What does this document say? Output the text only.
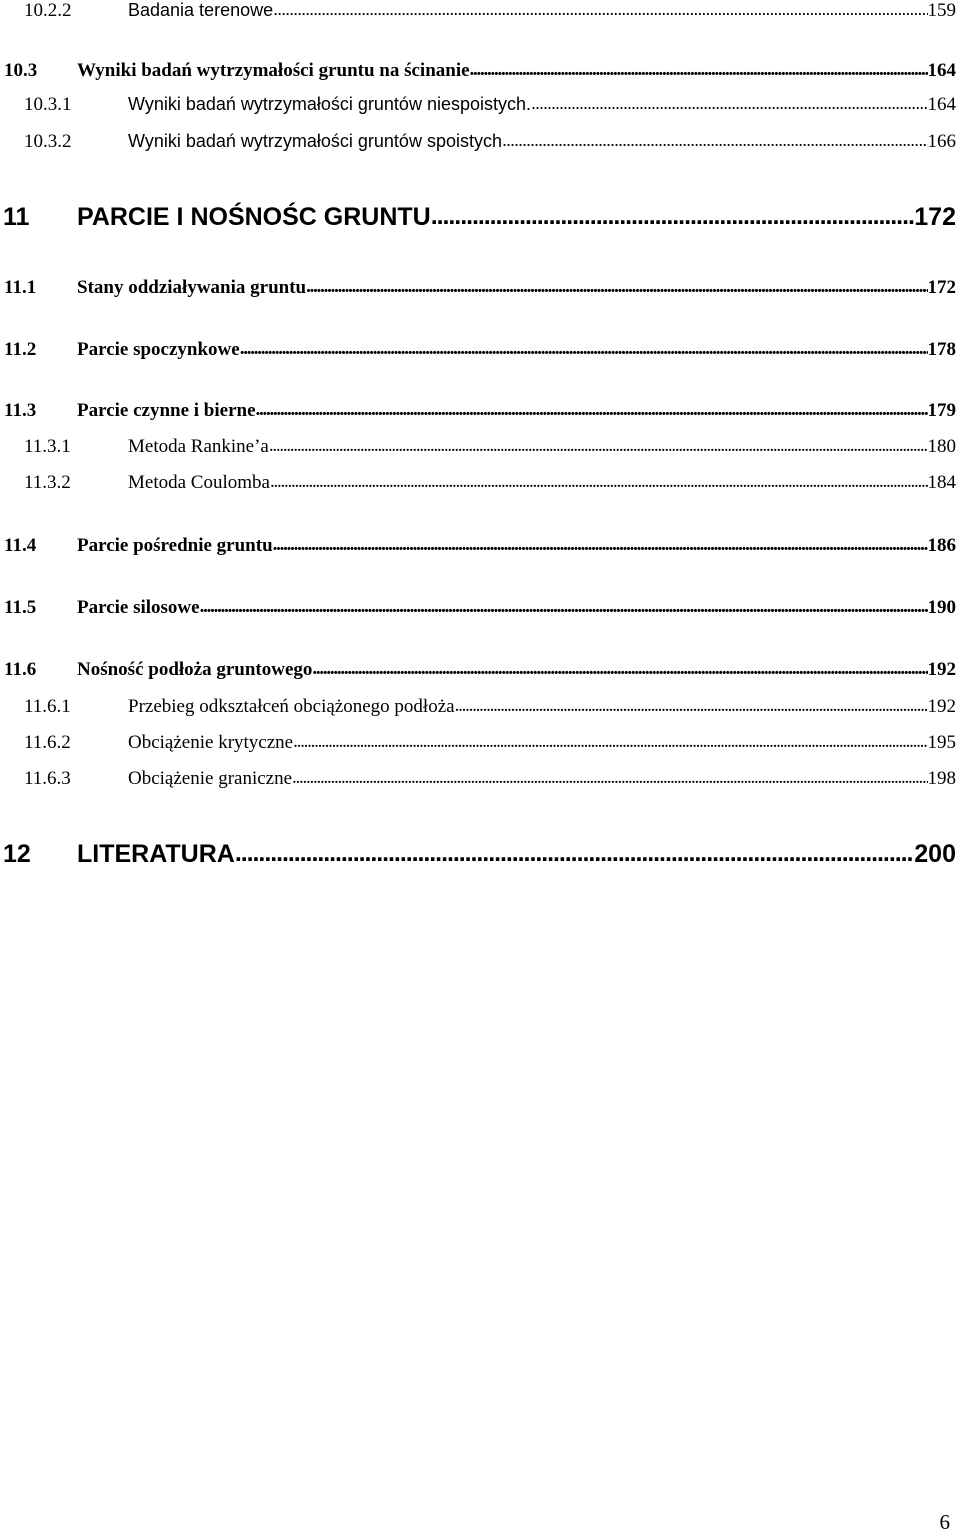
10.2.2	Badania terenowe . . .	159
10.3	Wyniki badań wytrzymałości gruntu na ścinanie . . .	164
10.3.1	Wyniki badań wytrzymałości gruntów niespoistych. . . .	164
10.3.2	Wyniki badań wytrzymałości gruntów spoistych . . .	166
11	PARCIE I NOŚNOŚC GRUNTU . . .	172
11.1	Stany oddziaływania gruntu . . .	172
11.2	Parcie spoczynkowe . . .	178
11.3	Parcie czynne i bierne . . .	179
11.3.1	Metoda Rankine’a . . .	180
11.3.2	Metoda Coulomba . . .	184
11.4	Parcie pośrednie gruntu . . .	186
11.5	Parcie silosowe . . .	190
11.6	Nośność podłoża gruntowego . . .	192
11.6.1	Przebieg odkształceń obciążonego podłoża . . .	192
11.6.2	Obciążenie krytyczne . . .	195
11.6.3	Obciążenie graniczne . . .	198
12	LITERATURA . . .	200
6
